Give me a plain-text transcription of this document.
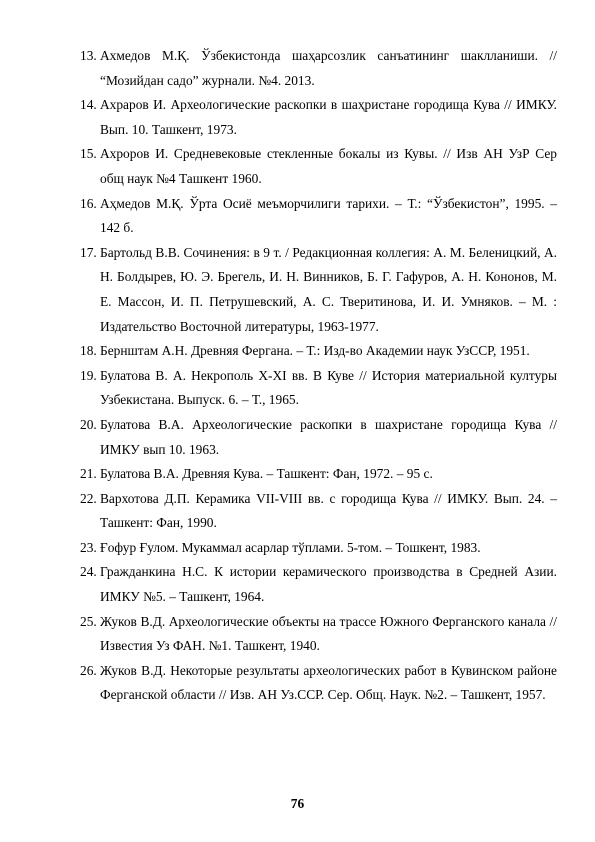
13. Ахмедов М.Қ. Ўзбекистонда шаҳарсозлик санъатининг шаклланиши. // “Мозийдан садо” журнали. №4. 2013.
14. Ахраров И. Археологические раскопки в шаҳристане городища Кува // ИМКУ. Вып. 10. Ташкент, 1973.
15. Ахроров И. Средневековые стекленные бокалы из Кувы. // Изв АН УзР Сер общ наук №4 Ташкент 1960.
16. Аҳмедов М.Қ. Ўрта Осиё меъморчилиги тарихи. – Т.: “Ўзбекистон”, 1995. – 142 б.
17. Бартольд В.В. Сочинения: в 9 т. / Редакционная коллегия: А. М. Беленицкий, А. Н. Болдырев, Ю. Э. Брегель, И. Н. Винников, Б. Г. Гафуров, А. Н. Кононов, М. Е. Массон, И. П. Петрушевский, А. С. Тверитинова, И. И. Умняков. – М. : Издательство Восточной литературы, 1963-1977.
18. Бернштам А.Н. Древняя Фергана. – Т.: Изд-во Академии наук УзССР, 1951.
19. Булатова В. А. Некрополь X-XI вв. В Куве // История материальной културы Узбекистана. Выпуск. 6. – Т., 1965.
20. Булатова В.А. Археологические раскопки в шахристане городища Кува // ИМКУ вып 10. 1963.
21. Булатова В.А. Древняя Кува. – Ташкент: Фан, 1972. – 95 с.
22. Вархотова Д.П. Керамика VII-VIII вв. с городища Кува // ИМКУ. Вып. 24. – Ташкент: Фан, 1990.
23. Ғофур Ғулом. Мукаммал асарлар тўплами. 5-том. – Тошкент, 1983.
24. Гражданкина Н.С. К истории керамического производства в Средней Азии. ИМКУ №5. – Ташкент, 1964.
25. Жуков В.Д. Археологические объекты на трассе Южного Ферганского канала // Известия Уз ФАН. №1. Ташкент, 1940.
26. Жуков В.Д. Некоторые результаты археологических работ в Кувинском районе Ферганской области // Изв. АН Уз.ССР. Сер. Общ. Наук. №2. – Ташкент, 1957.
76
